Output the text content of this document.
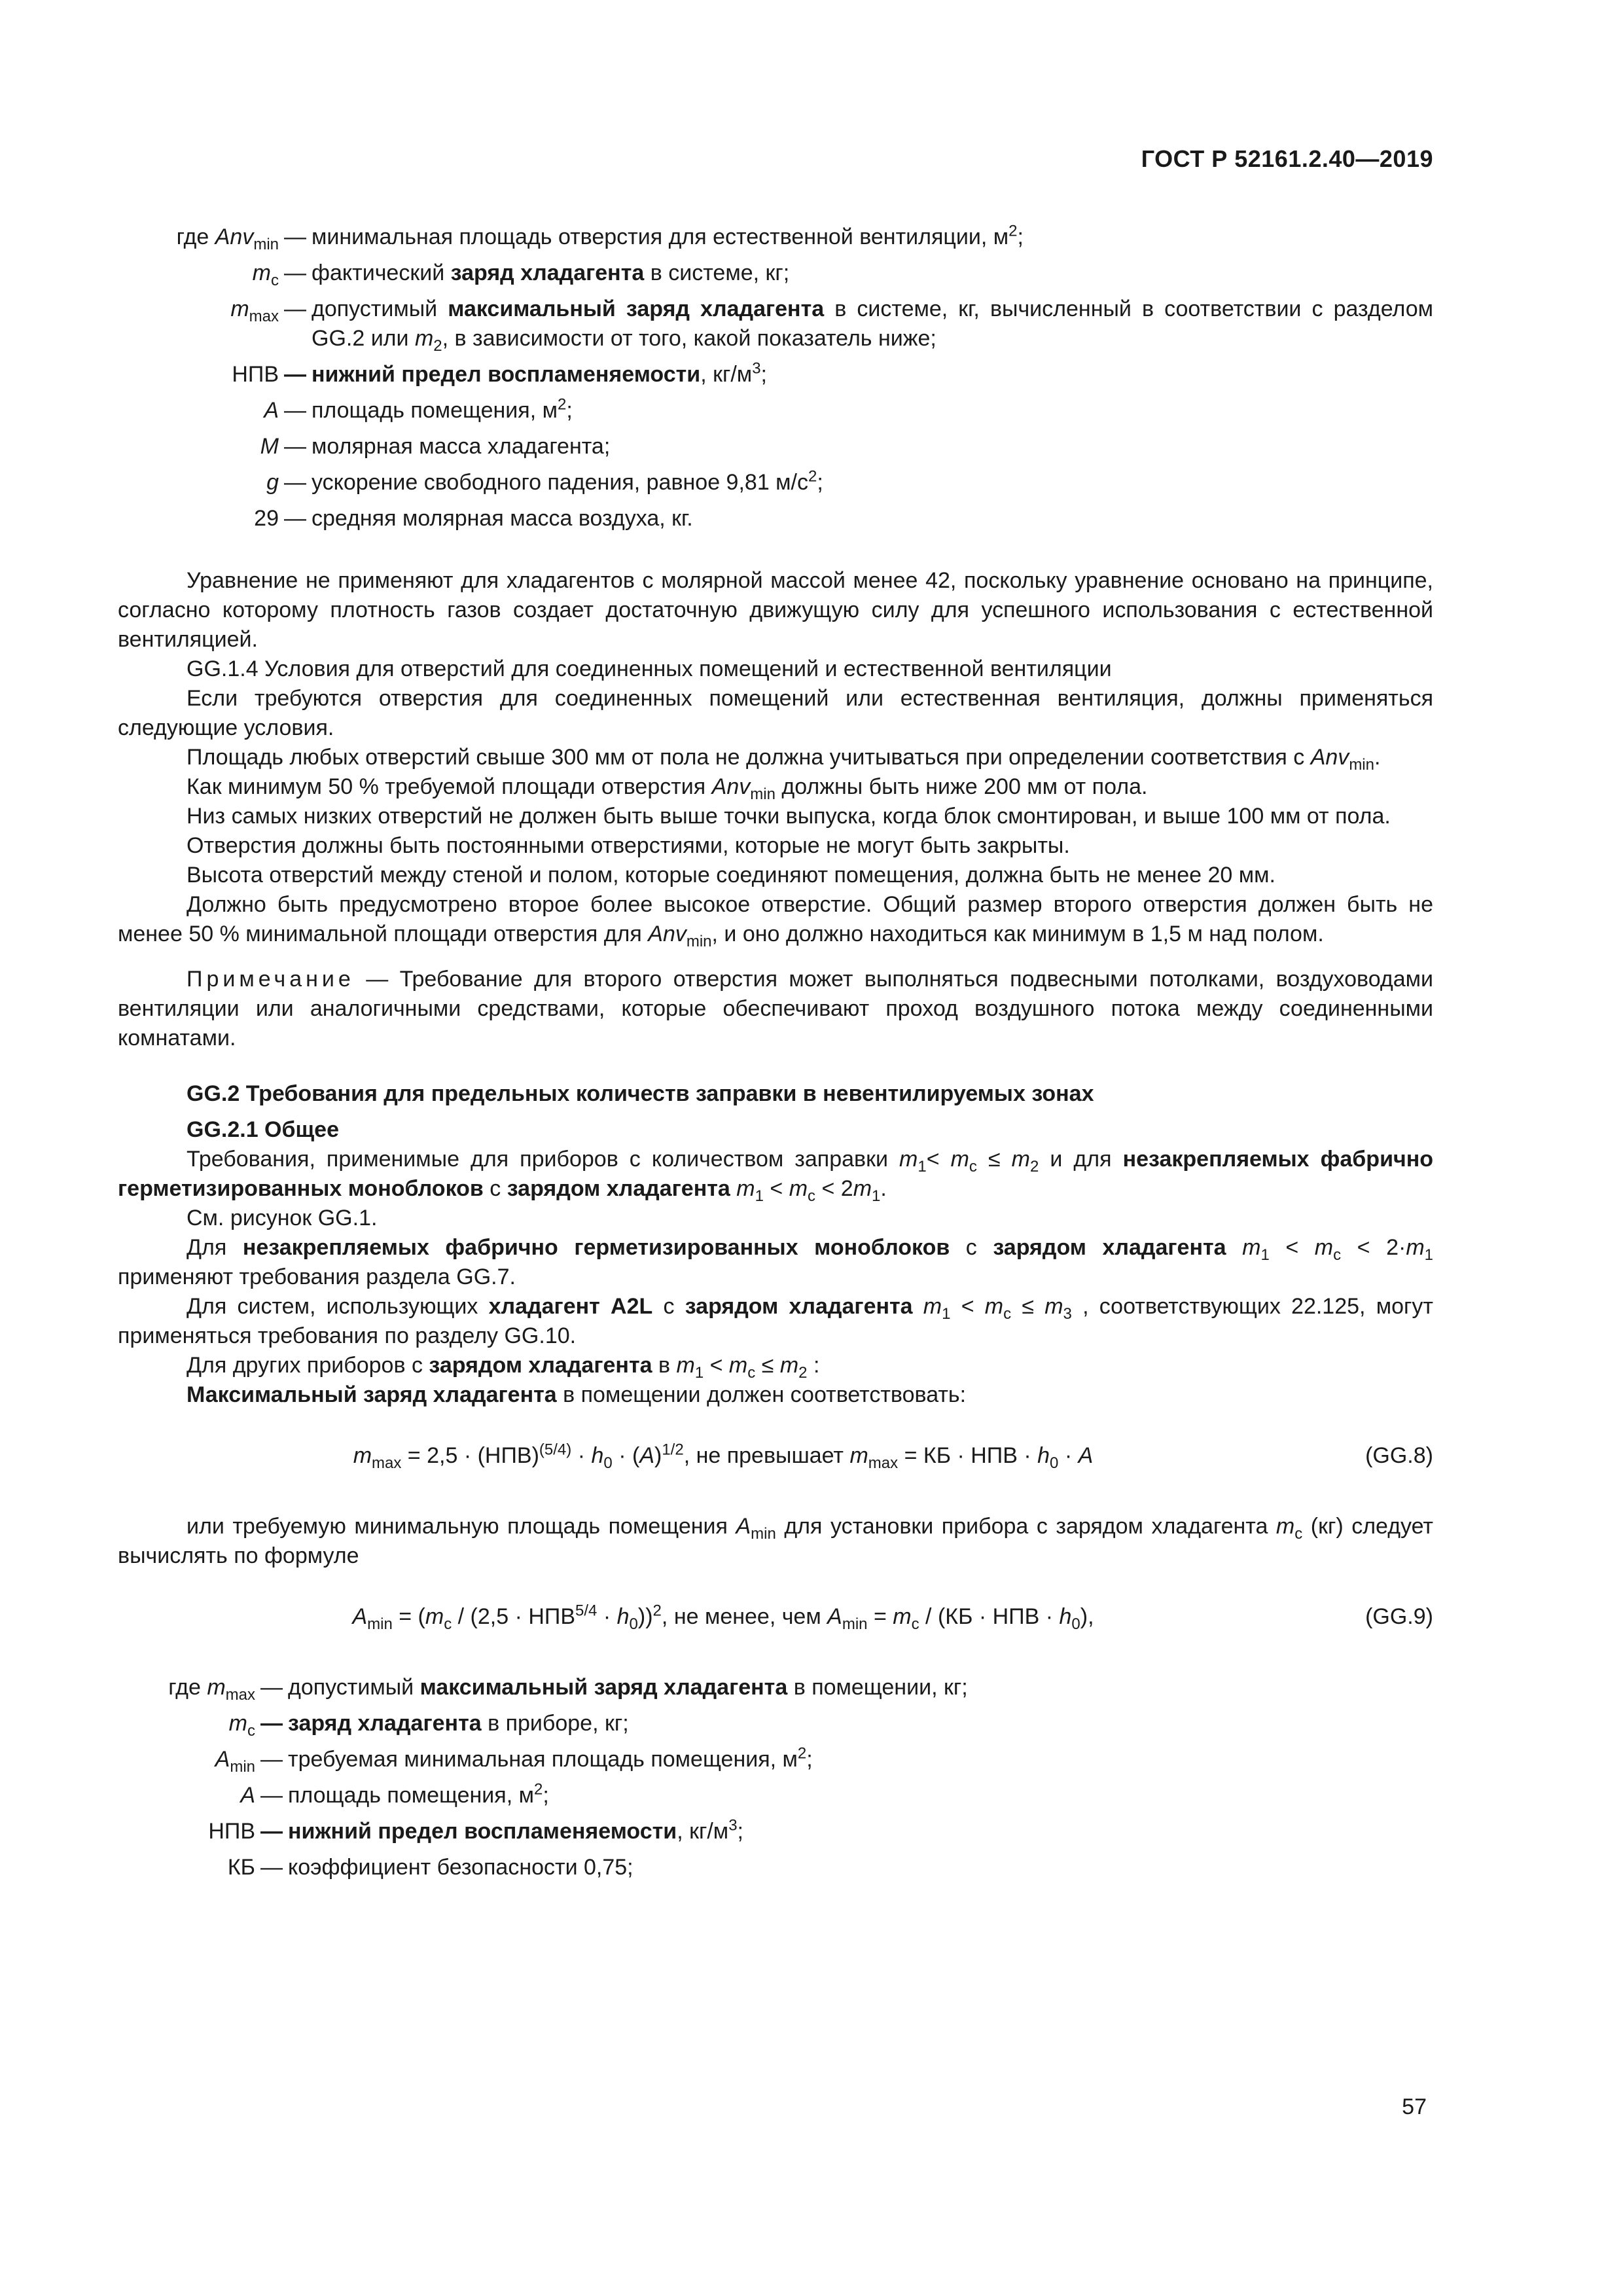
ГОСТ Р 52161.2.40—2019
где Anv$_{min}$ — минимальная площадь отверстия для естественной вентиляции, $м^2$;
$m_c$ — фактический заряд хладагента в системе, кг;
$m_{max}$ — допустимый максимальный заряд хладагента в системе, кг, вычисленный в соответствии с разделом GG.2 или $m_2$, в зависимости от того, какой показатель ниже;
НПВ — нижний предел воспламеняемости, $кг/м^3$;
A — площадь помещения, $м^2$;
M — молярная масса хладагента;
g — ускорение свободного падения, равное 9,81 $м/с^2$;
29 — средняя молярная масса воздуха, кг.

Уравнение не применяют для хладагентов с молярной массой менее 42, поскольку уравнение основано на принципе, согласно которому плотность газов создает достаточную движущую силу для успешного использования с естественной вентиляцией.

GG.1.4 Условия для отверстий для соединенных помещений и естественной вентиляции

Если требуются отверстия для соединенных помещений или естественная вентиляция, должны применяться следующие условия.

Площадь любых отверстий свыше 300 мм от пола не должна учитываться при определении соответствия с Anv$_{min}$.

Как минимум 50 % требуемой площади отверстия Anv$_{min}$ должны быть ниже 200 мм от пола.

Низ самых низких отверстий не должен быть выше точки выпуска, когда блок смонтирован, и выше 100 мм от пола.

Отверстия должны быть постоянными отверстиями, которые не могут быть закрыты.

Высота отверстий между стеной и полом, которые соединяют помещения, должна быть не менее 20 мм.

Должно быть предусмотрено второе более высокое отверстие. Общий размер второго отверстия должен быть не менее 50 % минимальной площади отверстия для Anv$_{min}$, и оно должно находиться как минимум в 1,5 м над полом.

Примечание — Требование для второго отверстия может выполняться подвесными потолками, воздуховодами вентиляции или аналогичными средствами, которые обеспечивают проход воздушного потока между соединенными комнатами.

GG.2 Требования для предельных количеств заправки в невентилируемых зонах

GG.2.1 Общее

Требования, применимые для приборов с количеством заправки $m_1< m_c \le m_2$ и для незакрепляемых фабрично герметизированных моноблоков с зарядом хладагента $m_1 < m_c < 2m_1$.

См. рисунок GG.1.

Для незакрепляемых фабрично герметизированных моноблоков с зарядом хладагента $m_1 < m_c < 2\cdot m_1$ применяют требования раздела GG.7.

Для систем, использующих хладагент A2L с зарядом хладагента $m_1 < m_c \le m_3$ , соответствующих 22.125, могут применяться требования по разделу GG.10.

Для других приборов с зарядом хладагента в $m_1 < m_c \le m_2$ :

Максимальный заряд хладагента в помещении должен соответствовать:

$m_{max} = 2,5 \cdot (НПВ)^{(5/4)} \cdot h_0 \cdot (A)^{1/2}$, не превышает $m_{max}$ = КБ · НПВ · $h_0 \cdot A$	(GG.8)

или требуемую минимальную площадь помещения $A_{min}$ для установки прибора с зарядом хладагента $m_c$ (кг) следует вычислять по формуле

$A_{min} = (m_c / (2,5 \cdot НПВ^{5/4} \cdot h_0))^2$, не менее, чем $A_{min} = m_c / (КБ$ · НПВ · $h_0$),	(GG.9)
где $m_{max}$ — допустимый максимальный заряд хладагента в помещении, кг;
$m_c$ — заряд хладагента в приборе, кг;
$A_{min}$ — требуемая минимальная площадь помещения, $м^2$;
A — площадь помещения, $м^2$;
НПВ — нижний предел воспламеняемости, $кг/м^3$;
КБ — коэффициент безопасности 0,75;
57
